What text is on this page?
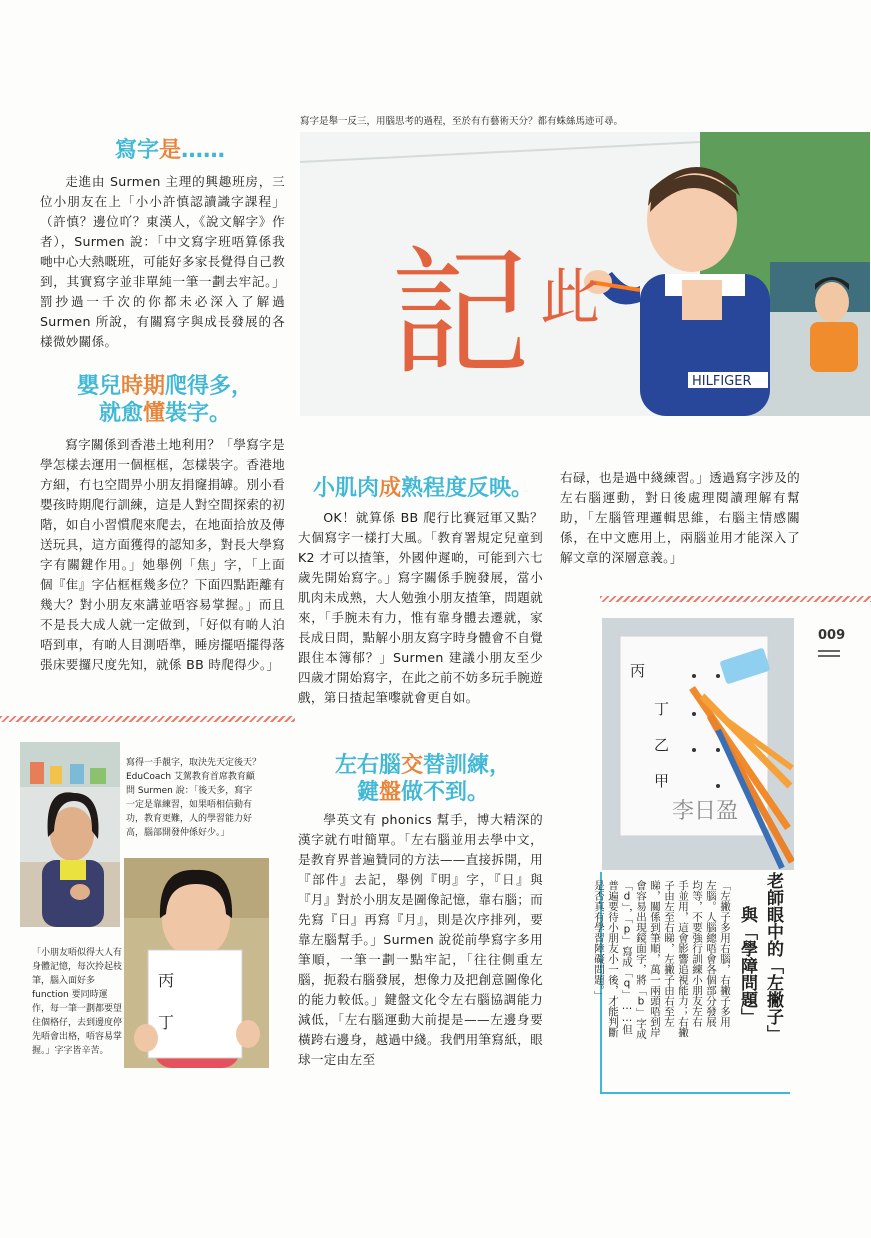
寫字是舉一反三，用腦思考的過程，至於有冇藝術天分？都有蛛絲馬迹可尋。
HILFIGER
記 此
寫字是……

走進由 Surmen 主理的興趣班房，三位小朋友在上「小小許慎認讀識字課程」（許慎？邊位吖？東漢人，《說文解字》作者），Surmen 說：「中文寫字班唔算係我哋中心大熱嘅班，可能好多家長覺得自己教到，其實寫字並非單純一筆一劃去牢記。」罰抄過一千次的你都未必深入了解過 Surmen 所說，有關寫字與成長發展的各樣微妙關係。

嬰兒時期爬得多，
就愈懂裝字。

寫字關係到香港土地利用？「學寫字是學怎樣去運用一個框框，怎樣裝字。香港地方細，冇乜空間畀小朋友捐窿捐罅。別小看嬰孩時期爬行訓練，這是人對空間探索的初階，如自小習慣爬來爬去，在地面拾放及傳送玩具，這方面獲得的認知多，對長大學寫字有關鍵作用。」她舉例「焦」字，「上面個『隹』字佔框框幾多位？下面四點距離有幾大？對小朋友來講並唔容易掌握。」而且不是長大成人就一定做到，「好似有啲人泊唔到車，有啲人目測唔準，睡房擺唔擺得落張床要攞尺度先知，就係 BB 時爬得少。」

寫得一手靚字，取決先天定後天？EduCoach 艾駕教育首席教育顧問 Surmen 說：「後天多，寫字一定是靠練習，如果唔相信動有功，教育更難，人的學習能力好高，腦部開發仲係好少。」
丙
丁
「小朋友唔似得大人有身體記憶，每次拎起枝筆，腦入面好多 function 要同時運作，每一筆一劃都要望住個格仔，去到邊度停先唔會出格，唔容易掌握。」字字皆辛苦。
小肌肉成熟程度反映。

OK！就算係 BB 爬行比賽冠軍又點？大個寫字一樣打大風。「教育署規定兒童到 K2 才可以揸筆，外國仲遲啲，可能到六七歲先開始寫字。」寫字關係手腕發展，當小肌肉未成熟，大人勉強小朋友揸筆，問題就來，「手腕未有力，惟有靠身體去遷就，家長成日問，點解小朋友寫字時身體會不自覺跟住本簿郁？」Surmen 建議小朋友至少四歲才開始寫字，在此之前不妨多玩手腕遊戲，第日揸起筆嚟就會更自如。

左右腦交替訓練，
鍵盤做不到。

學英文有 phonics 幫手，博大精深的漢字就冇咁簡單。「左右腦並用去學中文，是教育界普遍贊同的方法——直接拆開，用『部件』去記，舉例『明』字，『日』與『月』對於小朋友是圖像記憶，靠右腦；而先寫『日』再寫『月』，則是次序排列，要靠左腦幫手。」Surmen 說從前學寫字多用筆順，一筆一劃一點牢記，「往往側重左腦，扼殺右腦發展，想像力及把創意圖像化的能力較低。」鍵盤文化令左右腦協調能力減低，「左右腦運動大前提是——左邊身要橫跨右邊身，越過中綫。我們用筆寫紙，眼球一定由左至

右碌，也是過中綫練習。」透過寫字涉及的左右腦運動，對日後處理閱讀理解有幫助，「左腦管理邏輯思維，右腦主情感關係，在中文應用上，兩腦並用才能深入了解文章的深層意義。」

009
丙
丁
乙
甲
李日盈
老師眼中的「左撇子」
與「學障問題」
「左撇子多用右腦，右撇子多用
左腦。人腦總唔會各個部分發展
均等，不要強行訓練小朋友左右
手並用，這會影響追視能力；右撇
子由左至右睇，左撇子由右至左
睇，關係到筆順，萬一兩頭唔到岸
會容易出現鏡面字，將「b」字成
「d」，「p」寫成「q」……但
普遍要待小朋友小一後，才能判斷
是否真有學習障礙問題。」
